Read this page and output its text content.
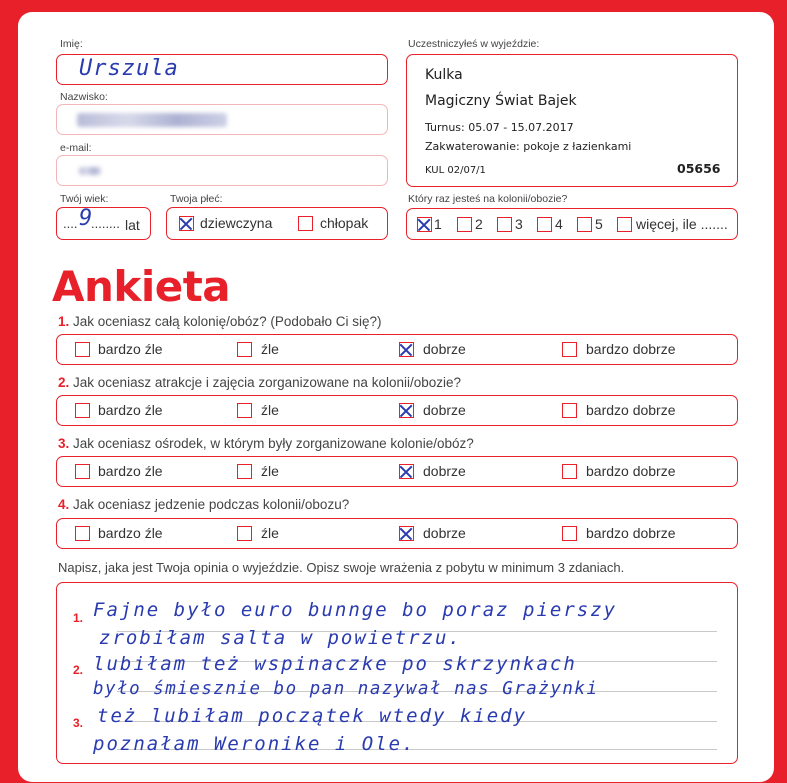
Imię:
Urszula
Nazwisko:
e-mail:
Twój wiek:
.... 9
........ lat
Twoja płeć:
dziewczyna	chłopak
Uczestniczyłeś w wyjeździe:
Kulka
Magiczny Świat Bajek
Turnus: 05.07 - 15.07.2017
Zakwaterowanie: pokoje z łazienkami
KUL 02/07/1	05656
Który raz jesteś na kolonii/obozie?
1 2 3 4 5 więcej, ile .......
Ankieta
1. Jak oceniasz całą kolonię/obóz? (Podobało Ci się?)
bardzo źle	źle	dobrze	bardzo dobrze
2. Jak oceniasz atrakcje i zajęcia zorganizowane na kolonii/obozie?
bardzo źle	źle	dobrze	bardzo dobrze
3. Jak oceniasz ośrodek, w którym były zorganizowane kolonie/obóz?
bardzo źle	źle	dobrze	bardzo dobrze
4. Jak oceniasz jedzenie podczas kolonii/obozu?
bardzo źle	źle	dobrze	bardzo dobrze
Napisz, jaka jest Twoja opinia o wyjeździe. Opisz swoje wrażenia z pobytu w minimum 3 zdaniach.
1.
2.
3.
Fajne było euro bunnge bo poraz pierszy
zrobiłam salta w powietrzu.
lubiłam też wspinaczke po skrzynkach
było śmiesznie bo pan nazywał nas Grażynki
też lubiłam początek wtedy kiedy
poznałam Weronike i Ole.
